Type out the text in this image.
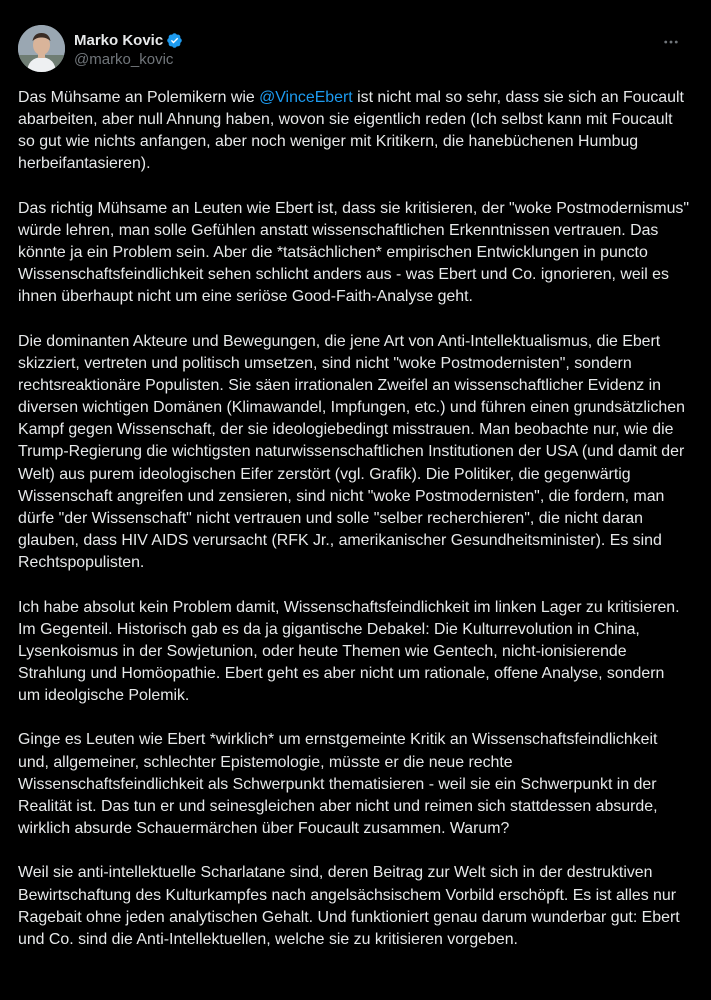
Marko Kovic
@marko_kovic

Das Mühsame an Polemikern wie @VinceEbert ist nicht mal so sehr, dass sie sich an Foucault abarbeiten, aber null Ahnung haben, wovon sie eigentlich reden (Ich selbst kann mit Foucault so gut wie nichts anfangen, aber noch weniger mit Kritikern, die hanebüchenen Humbug herbeifantasieren).

Das richtig Mühsame an Leuten wie Ebert ist, dass sie kritisieren, der "woke Postmodernismus" würde lehren, man solle Gefühlen anstatt wissenschaftlichen Erkenntnissen vertrauen. Das könnte ja ein Problem sein. Aber die *tatsächlichen* empirischen Entwicklungen in puncto Wissenschaftsfeindlichkeit sehen schlicht anders aus - was Ebert und Co. ignorieren, weil es ihnen überhaupt nicht um eine seriöse Good-Faith-Analyse geht.

Die dominanten Akteure und Bewegungen, die jene Art von Anti-Intellektualismus, die Ebert skizziert, vertreten und politisch umsetzen, sind nicht "woke Postmodernisten", sondern rechtsreaktionäre Populisten. Sie säen irrationalen Zweifel an wissenschaftlicher Evidenz in diversen wichtigen Domänen (Klimawandel, Impfungen, etc.) und führen einen grundsätzlichen Kampf gegen Wissenschaft, der sie ideologiebedingt misstrauen. Man beobachte nur, wie die Trump-Regierung die wichtigsten naturwissenschaftlichen Institutionen der USA (und damit der Welt) aus purem ideologischen Eifer zerstört (vgl. Grafik). Die Politiker, die gegenwärtig Wissenschaft angreifen und zensieren, sind nicht "woke Postmodernisten", die fordern, man dürfe "der Wissenschaft" nicht vertrauen und solle "selber recherchieren", die nicht daran glauben, dass HIV AIDS verursacht (RFK Jr., amerikanischer Gesundheitsminister). Es sind Rechtspopulisten.

Ich habe absolut kein Problem damit, Wissenschaftsfeindlichkeit im linken Lager zu kritisieren. Im Gegenteil. Historisch gab es da ja gigantische Debakel: Die Kulturrevolution in China, Lysenkoismus in der Sowjetunion, oder heute Themen wie Gentech, nicht-ionisierende Strahlung und Homöopathie. Ebert geht es aber nicht um rationale, offene Analyse, sondern um ideolgische Polemik.

Ginge es Leuten wie Ebert *wirklich* um ernstgemeinte Kritik an Wissenschaftsfeindlichkeit und, allgemeiner, schlechter Epistemologie, müsste er die neue rechte Wissenschaftsfeindlichkeit als Schwerpunkt thematisieren - weil sie ein Schwerpunkt in der Realität ist. Das tun er und seinesgleichen aber nicht und reimen sich stattdessen absurde, wirklich absurde Schauermärchen über Foucault zusammen. Warum?

Weil sie anti-intellektuelle Scharlatane sind, deren Beitrag zur Welt sich in der destruktiven Bewirtschaftung des Kulturkampfes nach angelsächsischem Vorbild erschöpft. Es ist alles nur Ragebait ohne jeden analytischen Gehalt. Und funktioniert genau darum wunderbar gut: Ebert und Co. sind die Anti-Intellektuellen, welche sie zu kritisieren vorgeben.
